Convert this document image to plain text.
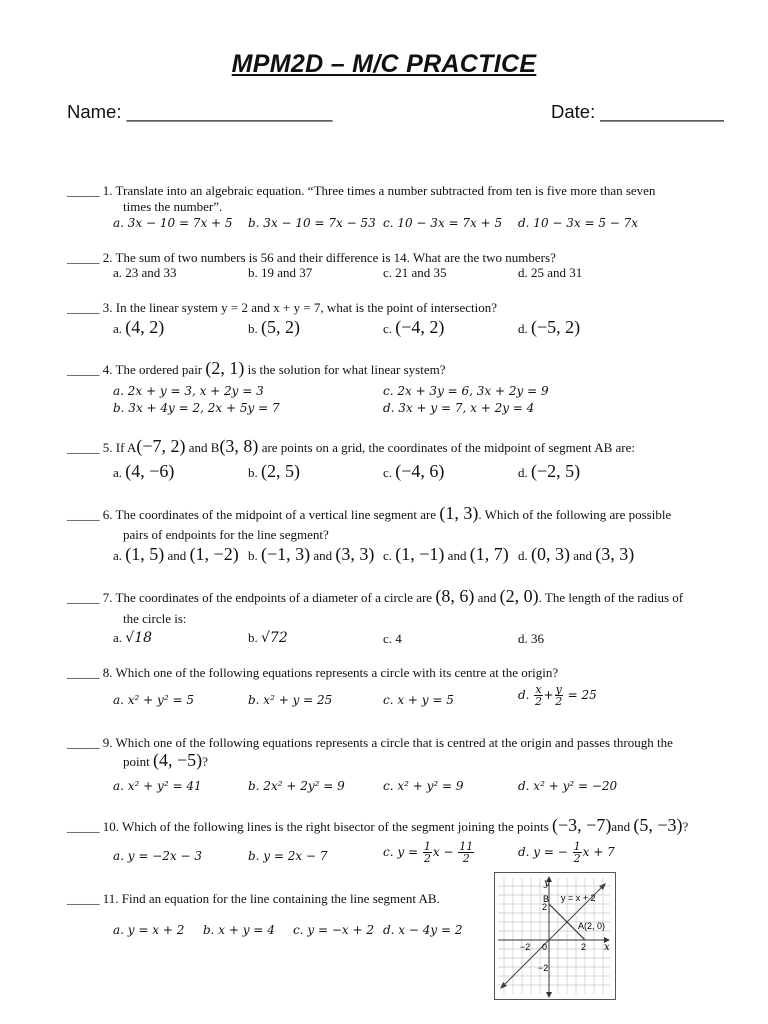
MPM2D – M/C PRACTICE
Name: ____________________	Date: ____________
_____ 1. Translate into an algebraic equation. “Three times a number subtracted from ten is five more than seven
times the number”.
a. 3x − 10 = 7x + 5 b. 3x − 10 = 7x − 53 c. 10 − 3x = 7x + 5 d. 10 − 3x = 5 − 7x
_____ 2. The sum of two numbers is 56 and their difference is 14. What are the two numbers?
a. 23 and 33	b. 19 and 37	c. 21 and 35	d. 25 and 31
_____ 3. In the linear system y = 2 and x + y = 7, what is the point of intersection?
a. (4, 2)	b. (5, 2)	c. (−4, 2)	d. (−5, 2)
_____ 4. The ordered pair (2, 1) is the solution for what linear system?
a. 2x + y = 3, x + 2y = 3
b. 3x + 4y = 2, 2x + 5y = 7
c. 2x + 3y = 6, 3x + 2y = 9
d. 3x + y = 7, x + 2y = 4
_____ 5. If A(−7, 2) and B(3, 8) are points on a grid, the coordinates of the midpoint of segment AB are:
a. (4, −6)	b. (2, 5)	c. (−4, 6)	d. (−2, 5)
_____ 6. The coordinates of the midpoint of a vertical line segment are (1, 3). Which of the following are possible
pairs of endpoints for the line segment?
a. (1, 5) and (1, −2) b. (−1, 3) and (3, 3) c. (1, −1) and (1, 7) d. (0, 3) and (3, 3)
_____ 7. The coordinates of the endpoints of a diameter of a circle are (8, 6) and (2, 0). The length of the radius of
the circle is:
a. √18	b. √72	c. 4	d. 36
_____ 8. Which one of the following equations represents a circle with its centre at the origin?
a. x² + y² = 5	b. x² + y = 25	c. x + y = 5	d. $\frac{x}{2} + \frac{y}{2} = 25$
_____ 9. Which one of the following equations represents a circle that is centred at the origin and passes through the
point (4, −5)?
a. x² + y² = 41	b. 2x² + 2y² = 9	c. x² + y² = 9	d. x² + y² = −20
_____ 10. Which of the following lines is the right bisector of the segment joining the points (−3, −7)and (5, −3)?
a. y = −2x − 3	b. y = 2x − 7	c. $y = \frac{1}{2}$ $x - \frac{11}{2}$	d. y = − $\frac{1}{2}$ x + 7
_____ 11. Find an equation for the line containing the line segment AB.
a. y = x + 2 b. x + y = 4 c. y = −x + 2 d. x − 4y = 2
y
x
B y = x + 2
A(2, 0)
−2 0	2
2
−2
